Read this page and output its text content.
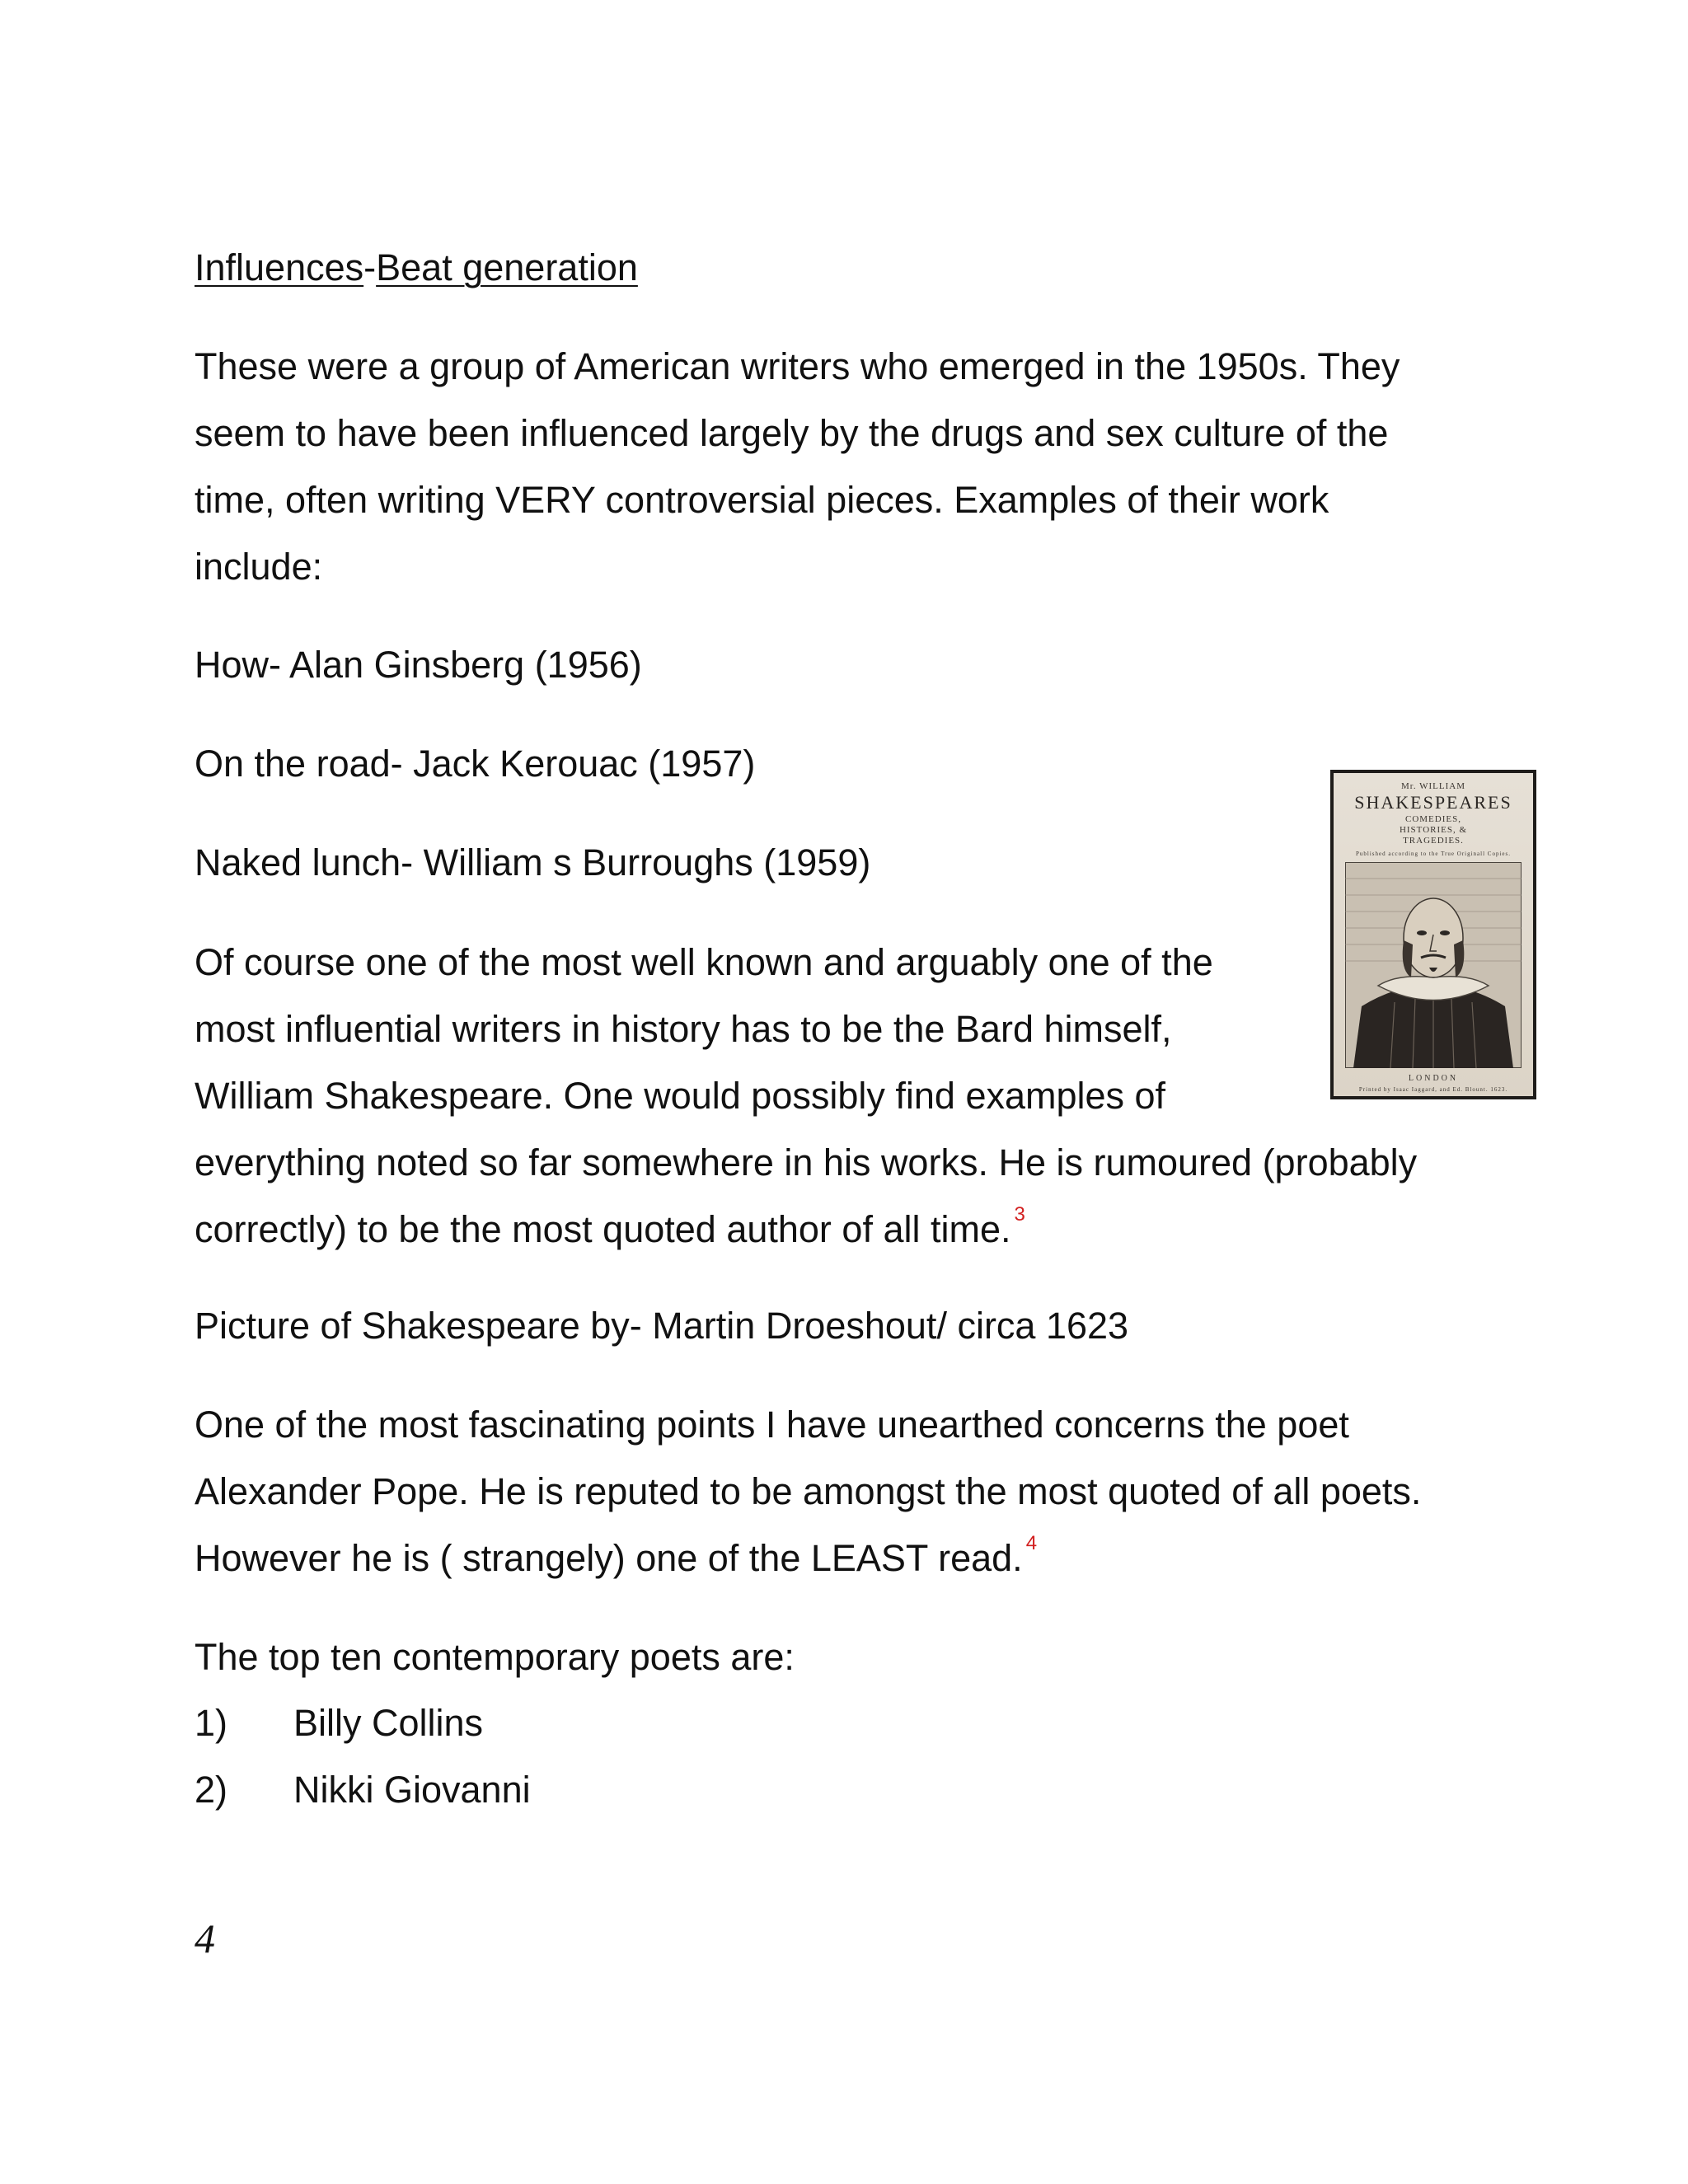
Influences-Beat generation
These were a group of American writers who emerged in the 1950s. They
seem to have been influenced largely by the drugs and sex culture of the
time, often writing VERY controversial pieces. Examples of their work
include:
How- Alan Ginsberg (1956)
On the road- Jack Kerouac (1957)
Naked lunch- William s Burroughs (1959)
Of course one of the most well known and arguably one of the
most influential writers in history has to be the Bard himself,
William Shakespeare. One would possibly find examples of
everything noted so far somewhere in his works. He is rumoured (probably
correctly) to be the most quoted author of all time. $^3$
Picture of Shakespeare by- Martin Droeshout/ circa 1623
One of the most fascinating points I have unearthed concerns the poet
Alexander Pope. He is reputed to be amongst the most quoted of all poets.
However he is ( strangely) one of the LEAST read. $^4$
The top ten contemporary poets are:
1) Billy Collins
2) Nikki Giovanni
4
Mr. WILLIAM
SHAKESPEARES
COMEDIES,
HISTORIES, &
TRAGEDIES.
Published according to the True Originall Copies.
LONDON
Printed by Isaac Iaggard, and Ed. Blount. 1623.
